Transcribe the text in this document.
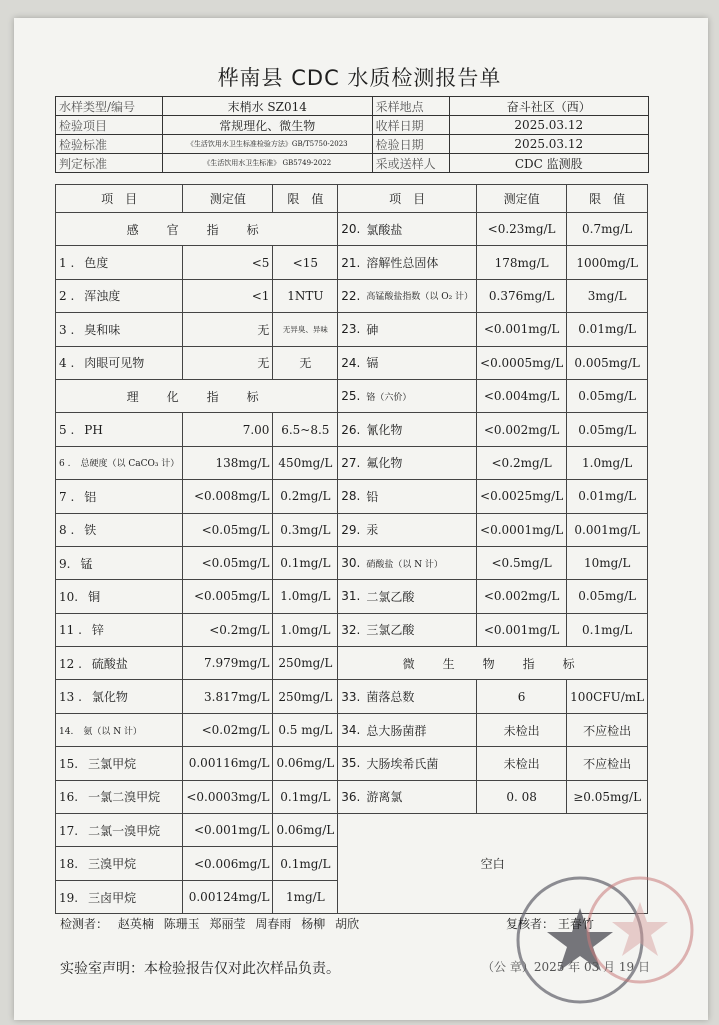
桦南县 CDC 水质检测报告单
水样类型/编号	末梢水 SZ014	采样地点	奋斗社区（西）
检验项目	常规理化、微生物	收样日期	2025.03.12
检验标准	《生活饮用水卫生标准检验方法》GB/T5750-2023	检验日期	2025.03.12
判定标准	《生活饮用水卫生标准》 GB5749-2022	采或送样人	CDC 监测股
项　目	测定值	限　值	项　目		测定值	限　值
感　官　指　标			20.	氯酸盐	<0.23mg/L	0.7mg/L
1 . 色度	<5	<15	21.	溶解性总固体	178mg/L	1000mg/L
2 . 浑浊度	<1	1NTU	22.	高锰酸盐指数（以 O₂ 计）	0.376mg/L	3mg/L
3 . 臭和味	无	无异臭、异味	23.	砷	<0.001mg/L	0.01mg/L
4 . 肉眼可见物	无	无	24.	镉	<0.0005mg/L	0.005mg/L
理　化　指　标			25.	铬（六价）	<0.004mg/L	0.05mg/L
5 . PH	7.00	6.5~8.5	26.	氰化物	<0.002mg/L	0.05mg/L
6 . 总硬度（以 CaCO₃ 计）	138mg/L	450mg/L	27.	氟化物	<0.2mg/L	1.0mg/L
7 . 铝	<0.008mg/L	0.2mg/L	28.	铅	<0.0025mg/L	0.01mg/L
8 . 铁	<0.05mg/L	0.3mg/L	29.	汞	<0.0001mg/L	0.001mg/L
9. 锰	<0.05mg/L	0.1mg/L	30.	硝酸盐（以 N 计）	<0.5mg/L	10mg/L
10. 铜	<0.005mg/L	1.0mg/L	31.	二氯乙酸	<0.002mg/L	0.05mg/L
11 . 锌	<0.2mg/L	1.0mg/L	32.	三氯乙酸	<0.001mg/L	0.1mg/L
12 . 硫酸盐	7.979mg/L	250mg/L	微　生　物　指　标			
13 . 氯化物	3.817mg/L	250mg/L	33.	菌落总数	6	100CFU/mL
14. 氨（以 N 计）	<0.02mg/L	0.5 mg/L	34.	总大肠菌群	未检出	不应检出
15. 三氯甲烷	0.00116mg/L	0.06mg/L	35.	大肠埃希氏菌	未检出	不应检出
16. 一氯二溴甲烷	<0.0003mg/L	0.1mg/L	36.	游离氯	0. 08	≥0.05mg/L
17. 二氯一溴甲烷	<0.001mg/L	0.06mg/L	空白			
18. 三溴甲烷	<0.006mg/L	0.1mg/L				
19. 三卤甲烷	0.00124mg/L	1mg/L				
检测者： 赵英楠 陈珊玉 郑丽莹 周春雨 杨柳 胡欣	复核者： 王春竹
实验室声明：本检验报告仅对此次样品负责。	（公 章）2025 年 03 月 19 日
